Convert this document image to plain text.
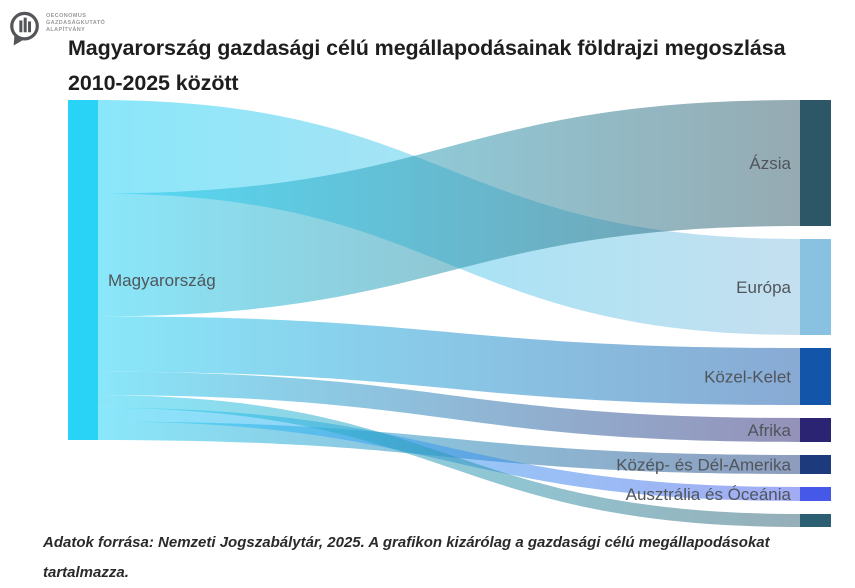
OECONOMUS
GAZDASÁGKUTATÓ
ALAPÍTVÁNY
Magyarország gazdasági célú megállapodásainak földrajzi megoszlása
2010-2025 között
Magyarország
Ázsia
Európa
Közel-Kelet
Afrika
Közép- és Dél-Amerika
Ausztrália és Óceánia
Adatok forrása: Nemzeti Jogszabálytár, 2025. A grafikon kizárólag a gazdasági célú megállapodásokat
tartalmazza.
